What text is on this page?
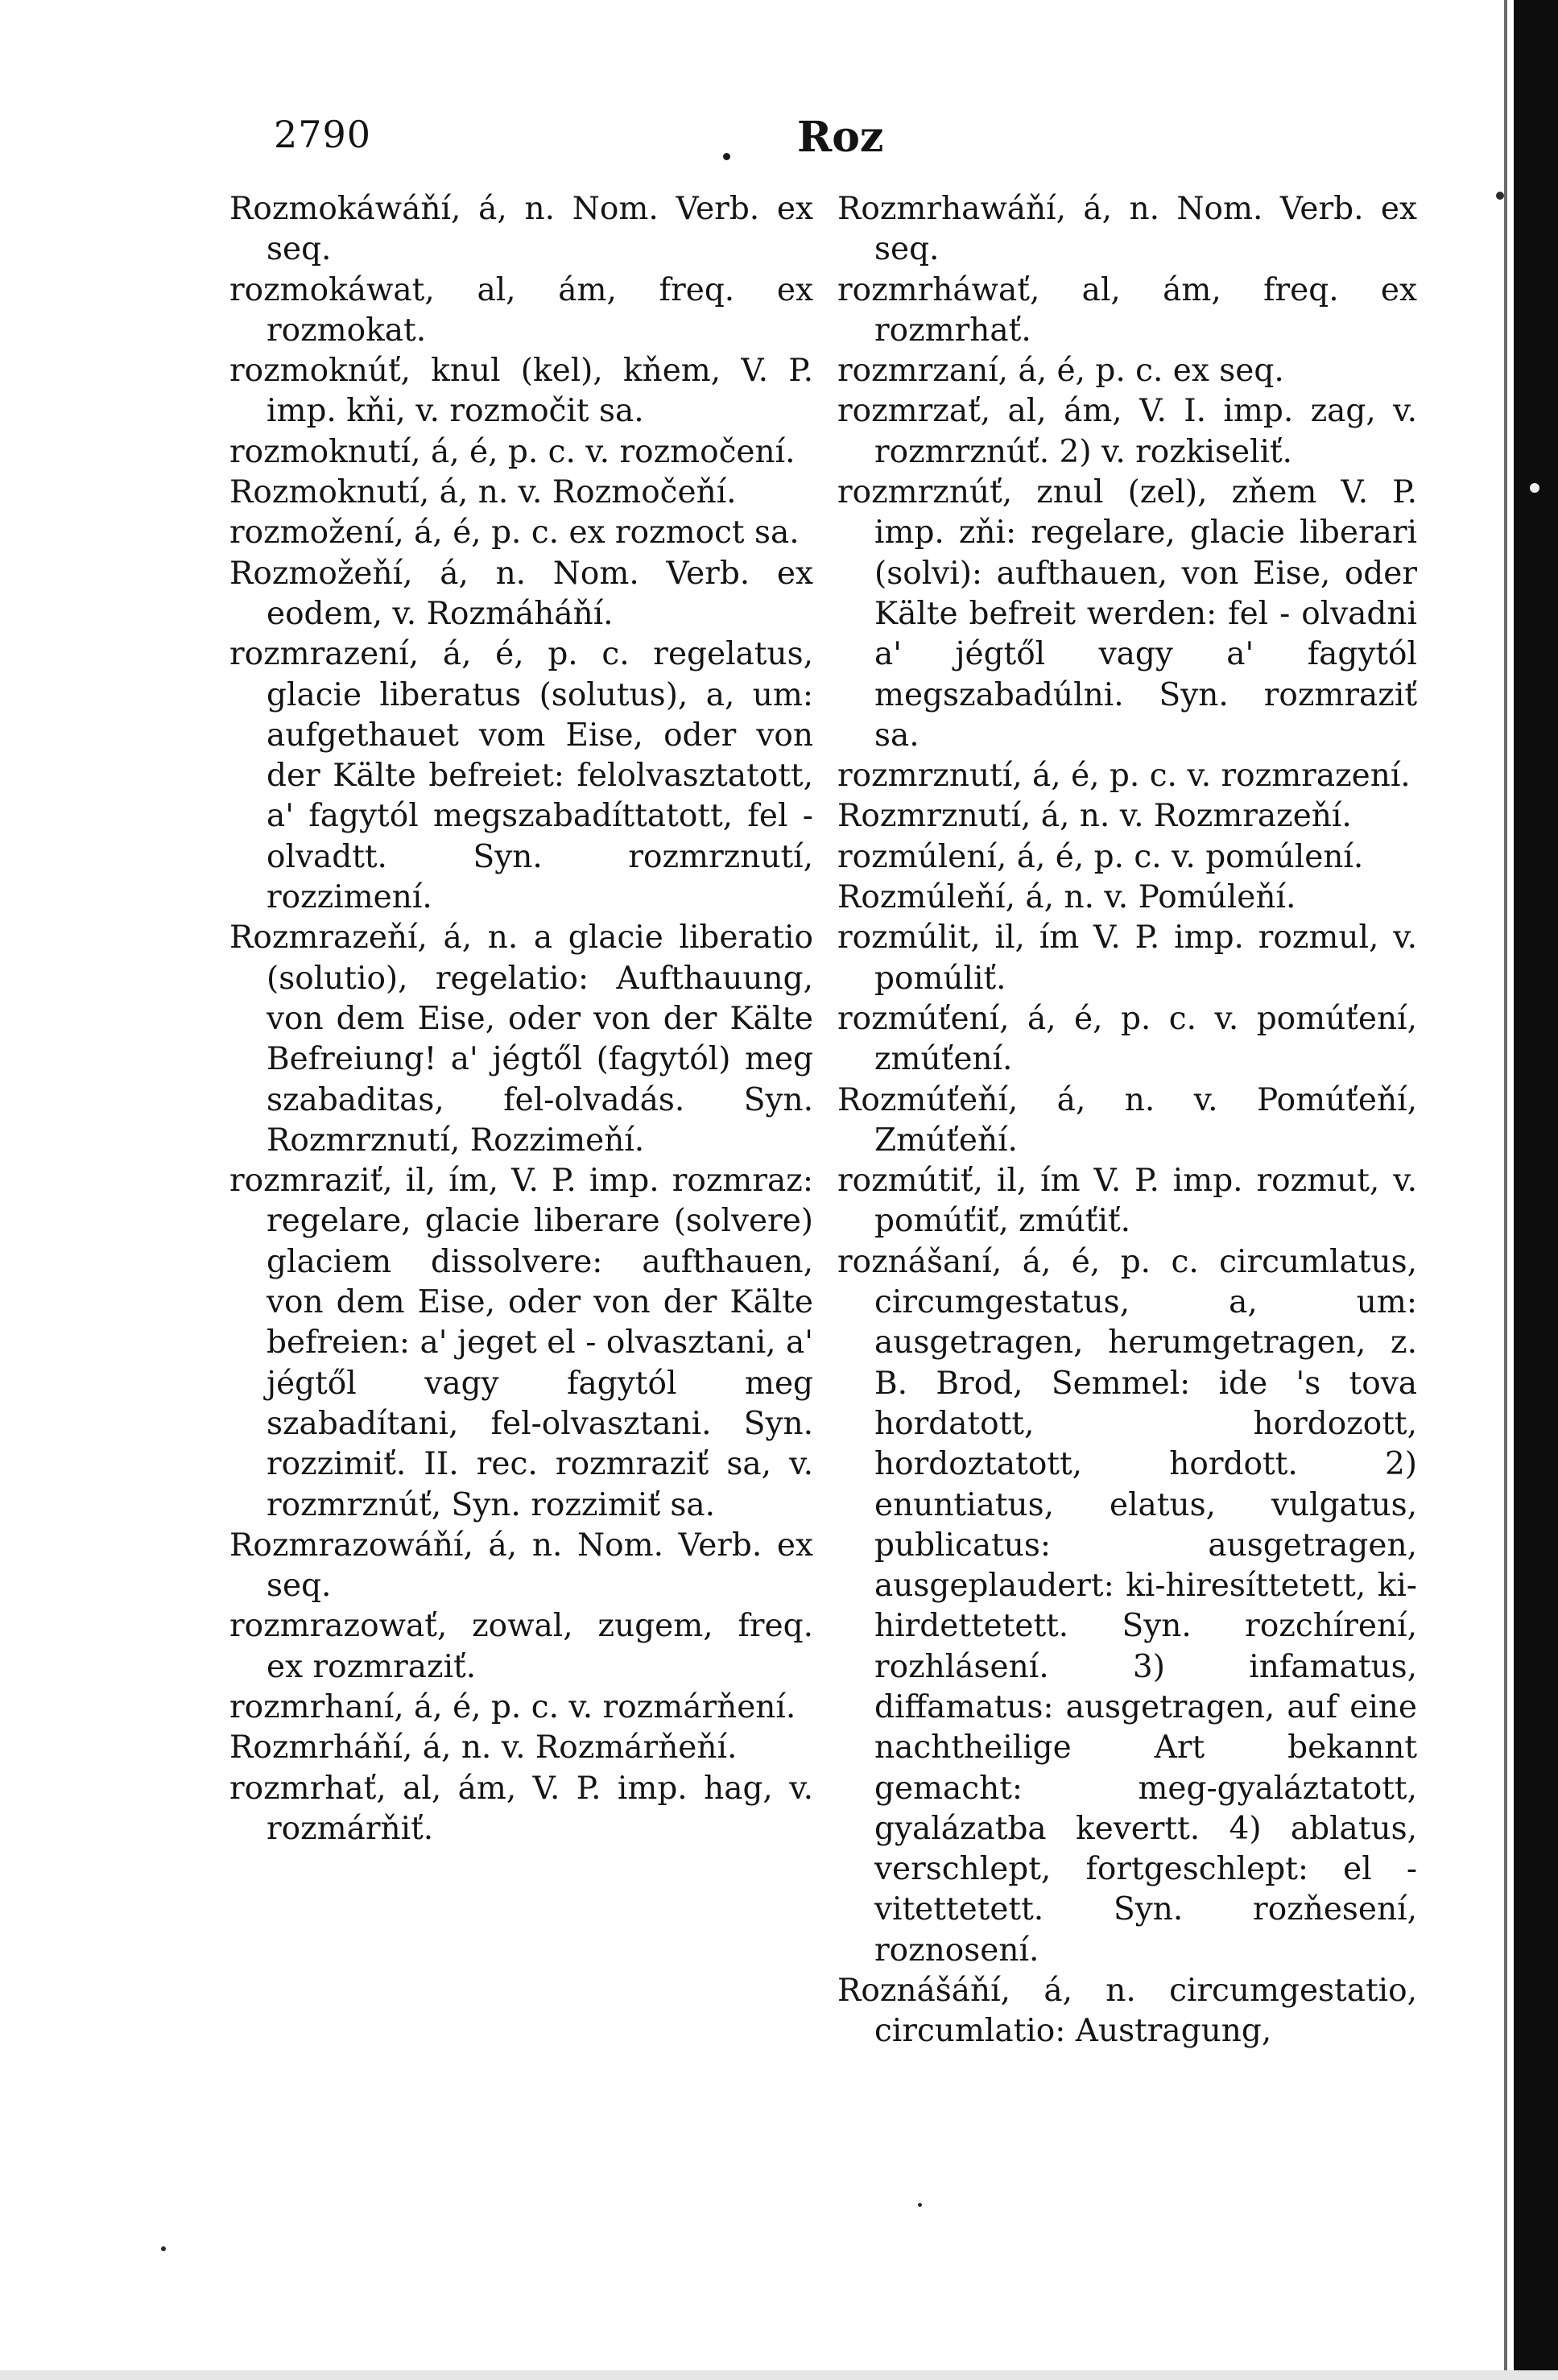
2790	Roz

Rozmokáwáňí, á, n. Nom. Verb. ex seq.

rozmokáwat, al, ám, freq. ex rozmokat.

rozmoknúť, knul (kel), kňem, V. P. imp. kňi, v. rozmočit sa.

rozmoknutí, á, é, p. c. v. rozmočení.

Rozmoknutí, á, n. v. Rozmočeňí.

rozmožení, á, é, p. c. ex rozmoct sa.

Rozmožeňí, á, n. Nom. Verb. ex eodem, v. Rozmáháňí.

rozmrazení, á, é, p. c. regelatus, glacie liberatus (solutus), a, um: aufgethauet vom Eise, oder von der Kälte befreiet: felolvasztatott, a' fagytól megszabadíttatott, fel - olvadtt. Syn. rozmrznutí, rozzimení.

Rozmrazeňí, á, n. a glacie liberatio (solutio), regelatio: Aufthauung, von dem Eise, oder von der Kälte Befreiung! a' jégtől (fagytól) meg szabaditas, fel-olvadás. Syn. Rozmrznutí, Rozzimeňí.

rozmraziť, il, ím, V. P. imp. rozmraz: regelare, glacie liberare (solvere) glaciem dissolvere: aufthauen, von dem Eise, oder von der Kälte befreien: a' jeget el - olvasztani, a' jégtől vagy fagytól meg szabadítani, fel-olvasztani. Syn. rozzimiť. II. rec. rozmraziť sa, v. rozmrznúť, Syn. rozzimiť sa.

Rozmrazowáňí, á, n. Nom. Verb. ex seq.

rozmrazowať, zowal, zugem, freq. ex rozmraziť.

rozmrhaní, á, é, p. c. v. rozmárňení.

Rozmrháňí, á, n. v. Rozmárňeňí.

rozmrhať, al, ám, V. P. imp. hag, v. rozmárňiť.

Rozmrhawáňí, á, n. Nom. Verb. ex seq.

rozmrháwať, al, ám, freq. ex rozmrhať.

rozmrzaní, á, é, p. c. ex seq.

rozmrzať, al, ám, V. I. imp. zag, v. rozmrznúť. 2) v. rozkiseliť.

rozmrznúť, znul (zel), zňem V. P. imp. zňi: regelare, glacie liberari (solvi): aufthauen, von Eise, oder Kälte befreit werden: fel - olvadni a' jégtől vagy a' fagytól megszabadúlni. Syn. rozmraziť sa.

rozmrznutí, á, é, p. c. v. rozmrazení.

Rozmrznutí, á, n. v. Rozmrazeňí.

rozmúlení, á, é, p. c. v. pomúlení.

Rozmúleňí, á, n. v. Pomúleňí.

rozmúlit, il, ím V. P. imp. rozmul, v. pomúliť.

rozmúťení, á, é, p. c. v. pomúťení, zmúťení.

Rozmúťeňí, á, n. v. Pomúťeňí, Zmúťeňí.

rozmútiť, il, ím V. P. imp. rozmut, v. pomúťiť, zmúťiť.

roznášaní, á, é, p. c. circumlatus, circumgestatus, a, um: ausgetragen, herumgetragen, z. B. Brod, Semmel: ide 's tova hordatott, hordozott, hordoztatott, hordott. 2) enuntiatus, elatus, vulgatus, publicatus: ausgetragen, ausgeplaudert: ki-hiresíttetett, ki-hirdettetett. Syn. rozchírení, rozhlásení. 3) infamatus, diffamatus: ausgetragen, auf eine nachtheilige Art bekannt gemacht: meg-gyaláztatott, gyalázatba kevertt. 4) ablatus, verschlept, fortgeschlept: el - vitettetett. Syn. rozňesení, roznosení.

Roznášáňí, á, n. circumgestatio, circumlatio: Austragung,
